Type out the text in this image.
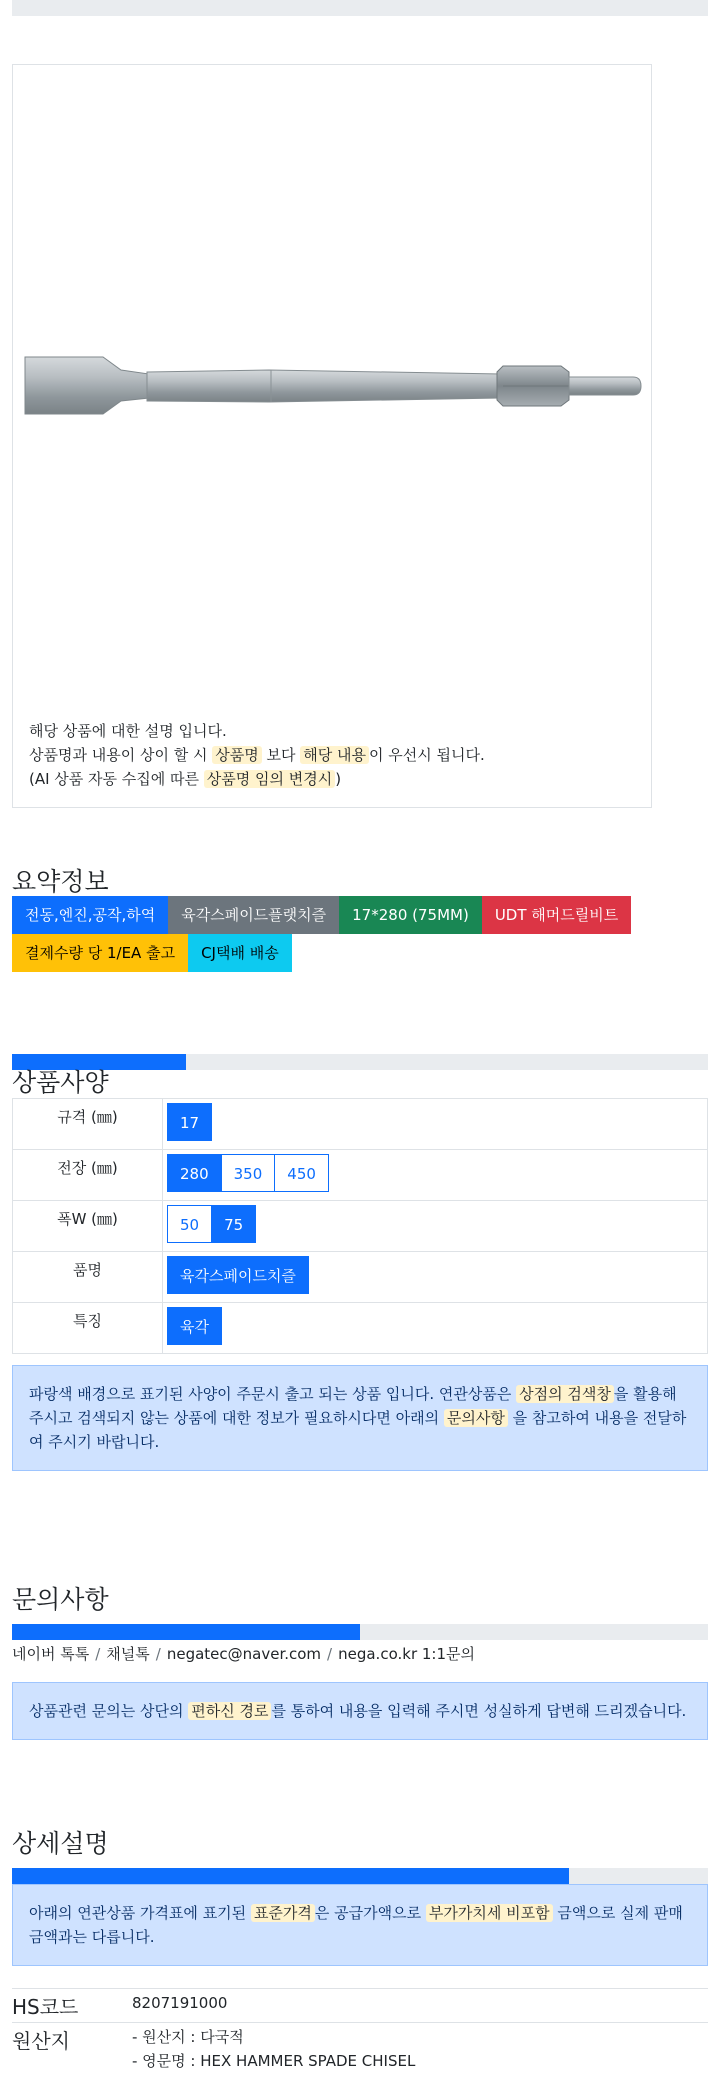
해당 상품에 대한 설명 입니다.

상품명과 내용이 상이 할 시 상품명 보다 해당 내용 이 우선시 됩니다.

(AI 상품 자동 수집에 따른 상품명 임의 변경시 )

요약정보
전동,엔진,공작,하역	육각스페이드플랫치즐	17*280 (75MM)	UDT 해머드릴비트
결제수량 당 1/EA 출고	CJ택배 배송
상품사양
규격 (㎜)	17

전장 (㎜)	280 350 450

폭W (㎜)	50 75

품명	육각스페이드치즐

특징	육각
파랑색 배경으로 표기된 사양이 주문시 출고 되는 상품 입니다. 연관상품은 상점의 검색창 을 활용해 주시고 검색되지 않는 상품에 대한 정보가 필요하시다면 아래의 문의사항 을 참고하여 내용을 전달하여 주시기 바랍니다.
문의사항
네이버 톡톡 / 채널톡 / negatec@naver.com / nega.co.kr 1:1문의
상품관련 문의는 상단의 편하신 경로 를 통하여 내용을 입력해 주시면 성실하게 답변해 드리겠습니다.
상세설명
아래의 연관상품 가격표에 표기된 표준가격 은 공급가액으로 부가가치세 비포함 금액으로 실제 판매금액과는 다릅니다.
HS코드	8207191000
원산지	- 원산지 : 다국적
- 영문명 : HEX HAMMER SPADE CHISEL
